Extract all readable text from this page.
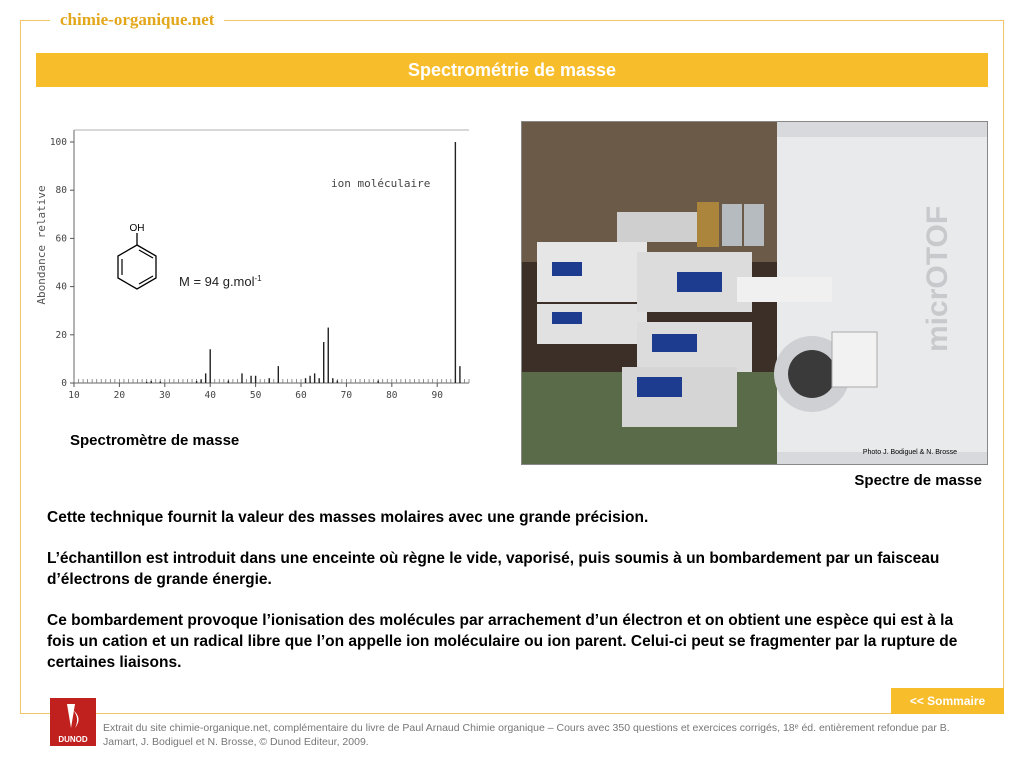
chimie-organique.net
Spectrométrie de masse
10	20	30	40	50	60	70	80	90
0
20
40
60
80
100
Abondance relative
ion moléculaire
OH
M = 94 g.mol$^{-1}$
Spectromètre de masse
micrOTOF
Photo J. Bodiguel & N. Brosse
Spectre de masse

Cette technique fournit la valeur des masses molaires avec une grande précision.

L’échantillon est introduit dans une enceinte où règne le vide, vaporisé, puis soumis à un bombardement par un faisceau d’électrons de grande énergie.

Ce bombardement provoque l’ionisation des molécules par arrachement d’un électron et on obtient une espèce qui est à la fois un cation et un radical libre que l’on appelle ion moléculaire ou ion parent. Celui-ci peut se fragmenter par la rupture de certaines liaisons.

<< Sommaire
DUNOD
Extrait du site chimie-organique.net, complémentaire du livre de Paul Arnaud Chimie organique – Cours avec 350 questions et exercices corrigés, 18ᵉ éd. entièrement refondue par B. Jamart, J. Bodiguel et N. Brosse, © Dunod Editeur, 2009.
